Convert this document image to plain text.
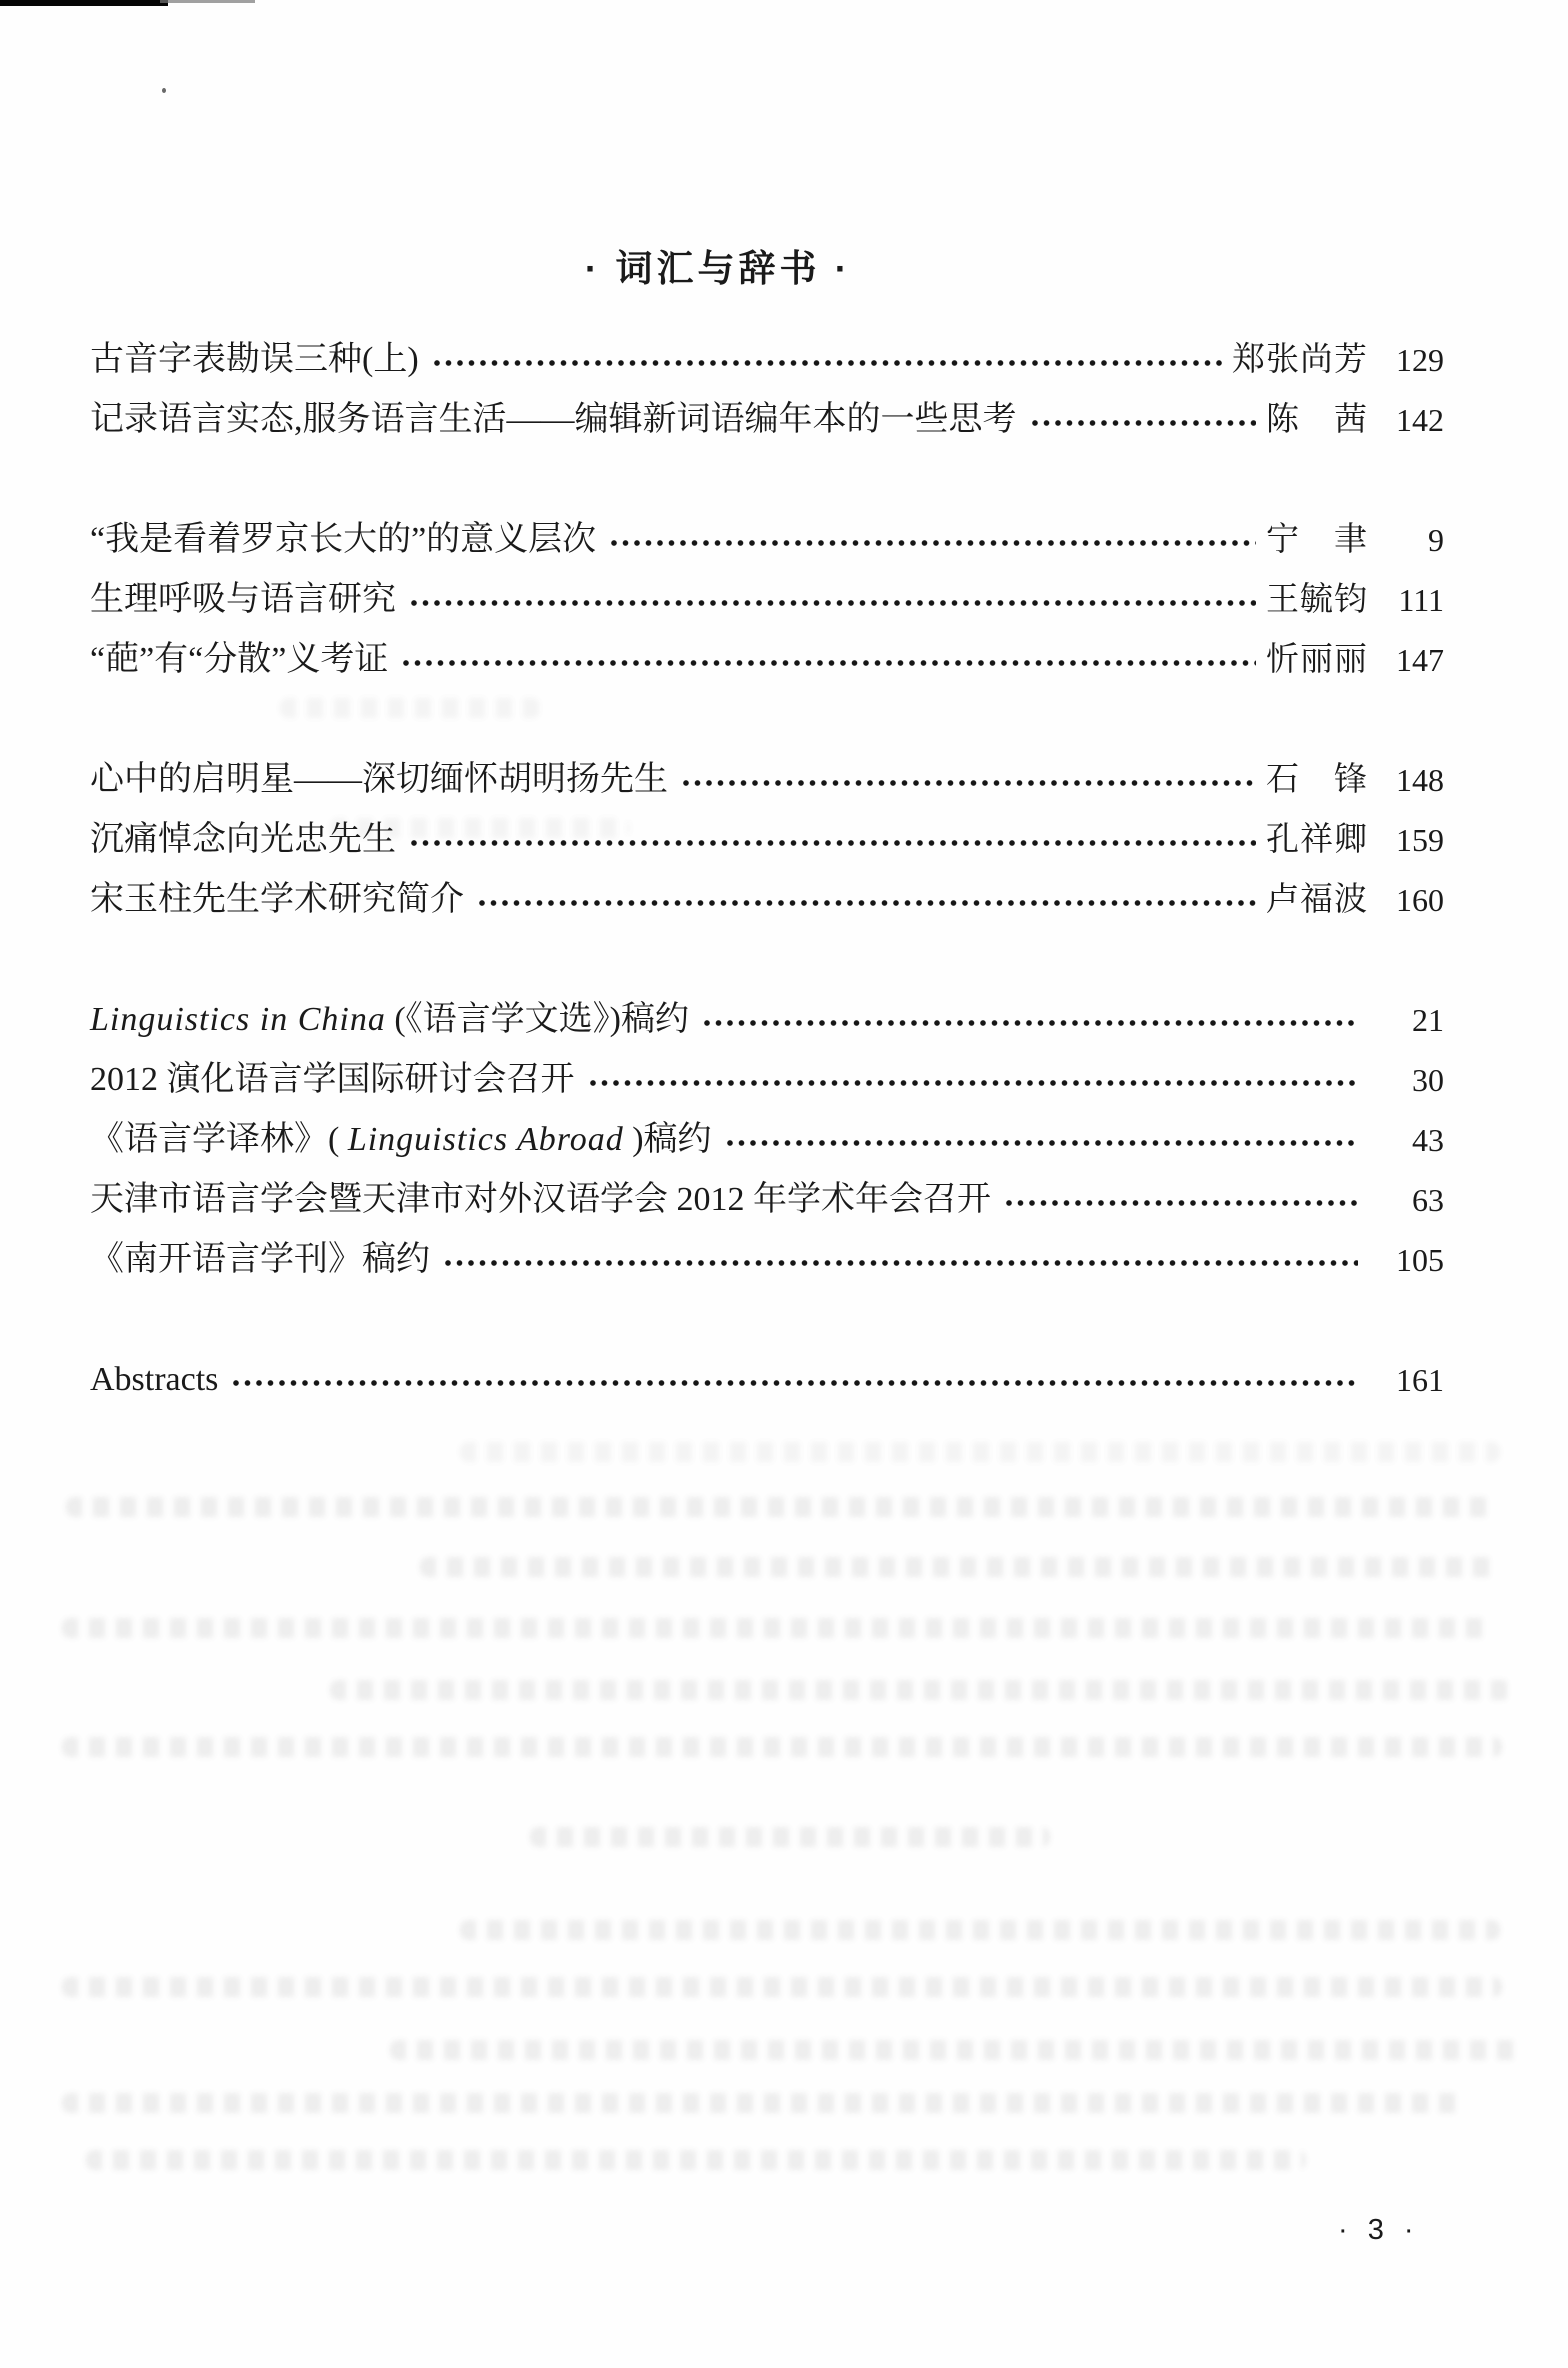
· 词汇与辞书 ·
古音字表勘误三种(上)	郑张尚芳 129
记录语言实态,服务语言生活——编辑新词语编年本的一些思考	陈　茜 142
“我是看着罗京长大的”的意义层次	宁　聿	9
生理呼吸与语言研究	王毓钧 111
“葩”有“分散”义考证	忻丽丽 147
心中的启明星——深切缅怀胡明扬先生	石　锋 148
沉痛悼念向光忠先生	孔祥卿 159
宋玉柱先生学术研究简介	卢福波 160
Linguistics in China (《语言学文选》)稿约	21
2012 演化语言学国际研讨会召开	30
《语言学译林》( Linguistics Abroad )稿约	43
天津市语言学会暨天津市对外汉语学会 2012 年学术年会召开	63
《南开语言学刊》稿约	105
Abstracts	161
· 3 ·
